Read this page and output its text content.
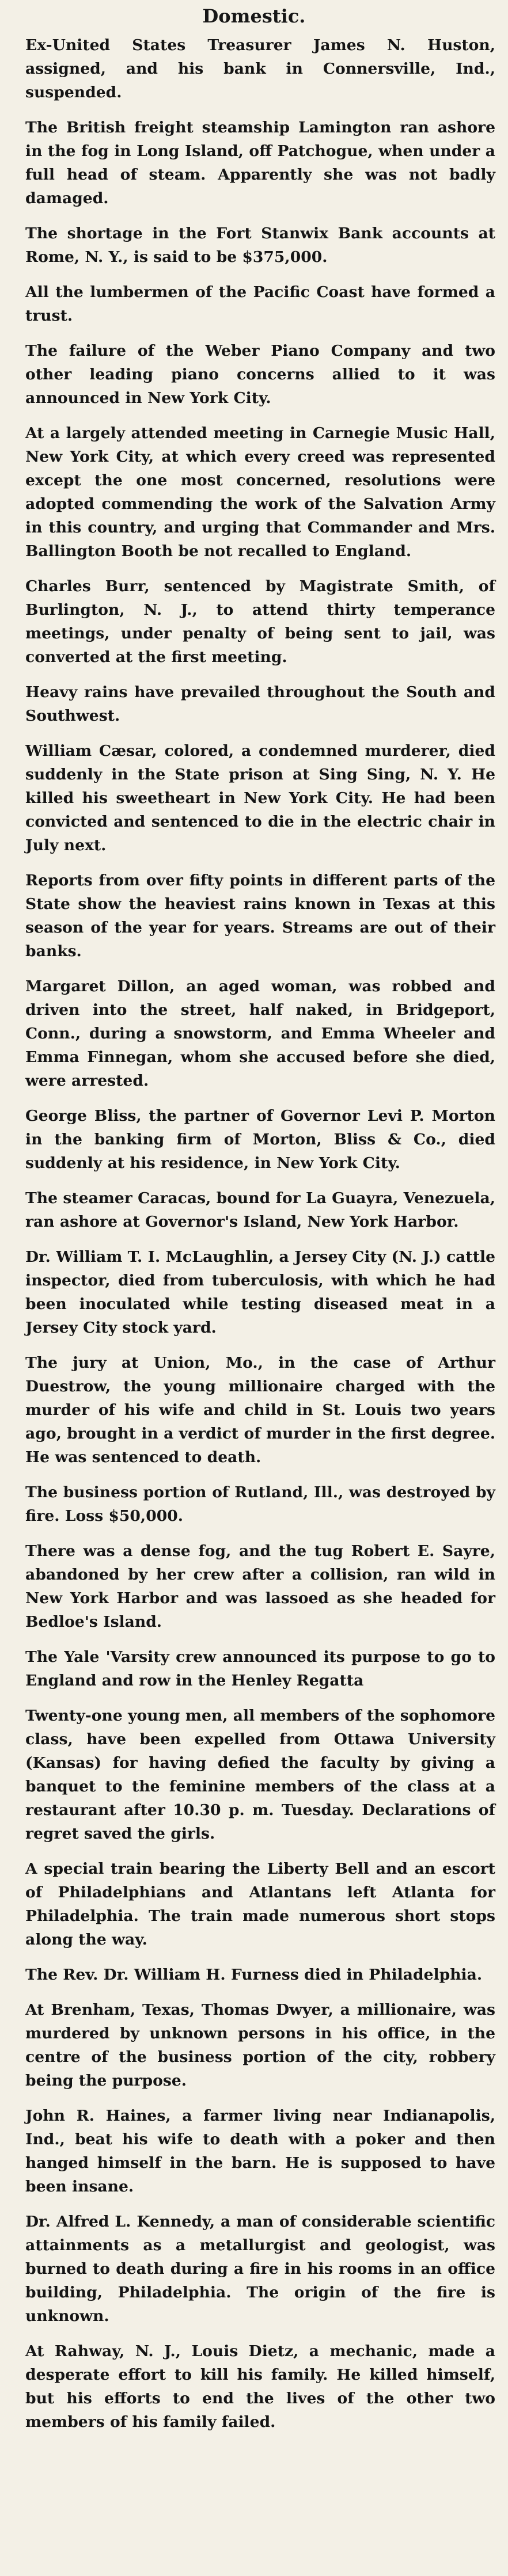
Domestic.
Ex-United States Treasurer James N. Huston, assigned, and his bank in Connersville, Ind., suspended.
The British freight steamship Lamington ran ashore in the fog in Long Island, off Patchogue, when under a full head of steam. Apparently she was not badly damaged.
The shortage in the Fort Stanwix Bank accounts at Rome, N. Y., is said to be $375,000.
All the lumbermen of the Pacific Coast have formed a trust.
The failure of the Weber Piano Company and two other leading piano concerns allied to it was announced in New York City.
At a largely attended meeting in Carnegie Music Hall, New York City, at which every creed was represented except the one most concerned, resolutions were adopted commending the work of the Salvation Army in this country, and urging that Commander and Mrs. Ballington Booth be not recalled to England.
Charles Burr, sentenced by Magistrate Smith, of Burlington, N. J., to attend thirty temperance meetings, under penalty of being sent to jail, was converted at the first meeting.
Heavy rains have prevailed throughout the South and Southwest.
William Cæsar, colored, a condemned murderer, died suddenly in the State prison at Sing Sing, N. Y. He killed his sweetheart in New York City. He had been convicted and sentenced to die in the electric chair in July next.
Reports from over fifty points in different parts of the State show the heaviest rains known in Texas at this season of the year for years. Streams are out of their banks.
Margaret Dillon, an aged woman, was robbed and driven into the street, half naked, in Bridgeport, Conn., during a snowstorm, and Emma Wheeler and Emma Finnegan, whom she accused before she died, were arrested.
George Bliss, the partner of Governor Levi P. Morton in the banking firm of Morton, Bliss & Co., died suddenly at his residence, in New York City.
The steamer Caracas, bound for La Guayra, Venezuela, ran ashore at Governor's Island, New York Harbor.
Dr. William T. I. McLaughlin, a Jersey City (N. J.) cattle inspector, died from tuberculosis, with which he had been inoculated while testing diseased meat in a Jersey City stock yard.
The jury at Union, Mo., in the case of Arthur Duestrow, the young millionaire charged with the murder of his wife and child in St. Louis two years ago, brought in a verdict of murder in the first degree. He was sentenced to death.
The business portion of Rutland, Ill., was destroyed by fire. Loss $50,000.
There was a dense fog, and the tug Robert E. Sayre, abandoned by her crew after a collision, ran wild in New York Harbor and was lassoed as she headed for Bedloe's Island.
The Yale 'Varsity crew announced its purpose to go to England and row in the Henley Regatta
Twenty-one young men, all members of the sophomore class, have been expelled from Ottawa University (Kansas) for having defied the faculty by giving a banquet to the feminine members of the class at a restaurant after 10.30 p. m. Tuesday. Declarations of regret saved the girls.
A special train bearing the Liberty Bell and an escort of Philadelphians and Atlantans left Atlanta for Philadelphia. The train made numerous short stops along the way.
The Rev. Dr. William H. Furness died in Philadelphia.
At Brenham, Texas, Thomas Dwyer, a millionaire, was murdered by unknown persons in his office, in the centre of the business portion of the city, robbery being the purpose.
John R. Haines, a farmer living near Indianapolis, Ind., beat his wife to death with a poker and then hanged himself in the barn. He is supposed to have been insane.
Dr. Alfred L. Kennedy, a man of considerable scientific attainments as a metallurgist and geologist, was burned to death during a fire in his rooms in an office building, Philadelphia. The origin of the fire is unknown.
At Rahway, N. J., Louis Dietz, a mechanic, made a desperate effort to kill his family. He killed himself, but his efforts to end the lives of the other two members of his family failed.
